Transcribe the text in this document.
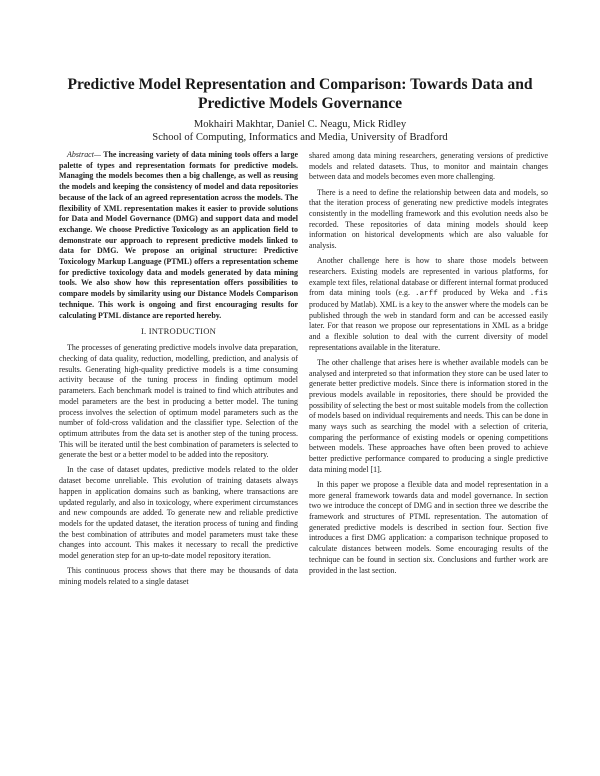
Predictive Model Representation and Comparison: Towards Data and Predictive Models Governance
Mokhairi Makhtar, Daniel C. Neagu, Mick Ridley
School of Computing, Informatics and Media, University of Bradford

Abstract— The increasing variety of data mining tools offers a large palette of types and representation formats for predictive models. Managing the models becomes then a big challenge, as well as reusing the models and keeping the consistency of model and data repositories because of the lack of an agreed representation across the models. The flexibility of XML representation makes it easier to provide solutions for Data and Model Governance (DMG) and support data and model exchange. We choose Predictive Toxicology as an application field to demonstrate our approach to represent predictive models linked to data for DMG. We propose an original structure: Predictive Toxicology Markup Language (PTML) offers a representation scheme for predictive toxicology data and models generated by data mining tools. We also show how this representation offers possibilities to compare models by similarity using our Distance Models Comparison technique. This work is ongoing and first encouraging results for calculating PTML distance are reported hereby.

I. INTRODUCTION

The processes of generating predictive models involve data preparation, checking of data quality, reduction, modelling, prediction, and analysis of results. Generating high-quality predictive models is a time consuming activity because of the tuning process in finding optimum model parameters. Each benchmark model is trained to find which attributes and model parameters are the best in producing a better model. The tuning process involves the selection of optimum model parameters such as the number of fold-cross validation and the classifier type. Selection of the optimum attributes from the data set is another step of the tuning process. This will be iterated until the best combination of parameters is selected to generate the best or a better model to be added into the repository.

In the case of dataset updates, predictive models related to the older dataset become unreliable. This evolution of training datasets always happen in application domains such as banking, where transactions are updated regularly, and also in toxicology, where experiment circumstances and new compounds are added. To generate new and reliable predictive models for the updated dataset, the iteration process of tuning and finding the best combination of attributes and model parameters must take these changes into account. This makes it necessary to recall the predictive model generation step for an up-to-date model repository iteration.

This continuous process shows that there may be thousands of data mining models related to a single dataset

shared among data mining researchers, generating versions of predictive models and related datasets. Thus, to monitor and maintain changes between data and models becomes even more challenging.

There is a need to define the relationship between data and models, so that the iteration process of generating new predictive models integrates consistently in the modelling framework and this evolution needs also be recorded. These repositories of data mining models should keep information on historical developments which are also valuable for analysis.

Another challenge here is how to share those models between researchers. Existing models are represented in various platforms, for example text files, relational database or different internal format produced from data mining tools (e.g. .arff produced by Weka and .fis produced by Matlab). XML is a key to the answer where the models can be published through the web in standard form and can be accessed easily later. For that reason we propose our representations in XML as a bridge and a flexible solution to deal with the current diversity of model representations available in the literature.

The other challenge that arises here is whether available models can be analysed and interpreted so that information they store can be used later to generate better predictive models. Since there is information stored in the previous models available in repositories, there should be provided the possibility of selecting the best or most suitable models from the collection of models based on individual requirements and needs. This can be done in many ways such as searching the model with a selection of criteria, comparing the performance of existing models or opening competitions between models. These approaches have often been proved to achieve better predictive performance compared to producing a single predictive data mining model [1].

In this paper we propose a flexible data and model representation in a more general framework towards data and model governance. In section two we introduce the concept of DMG and in section three we describe the framework and structures of PTML representation. The automation of generated predictive models is described in section four. Section five introduces a first DMG application: a comparison technique proposed to calculate distances between models. Some encouraging results of the technique can be found in section six. Conclusions and further work are provided in the last section.
